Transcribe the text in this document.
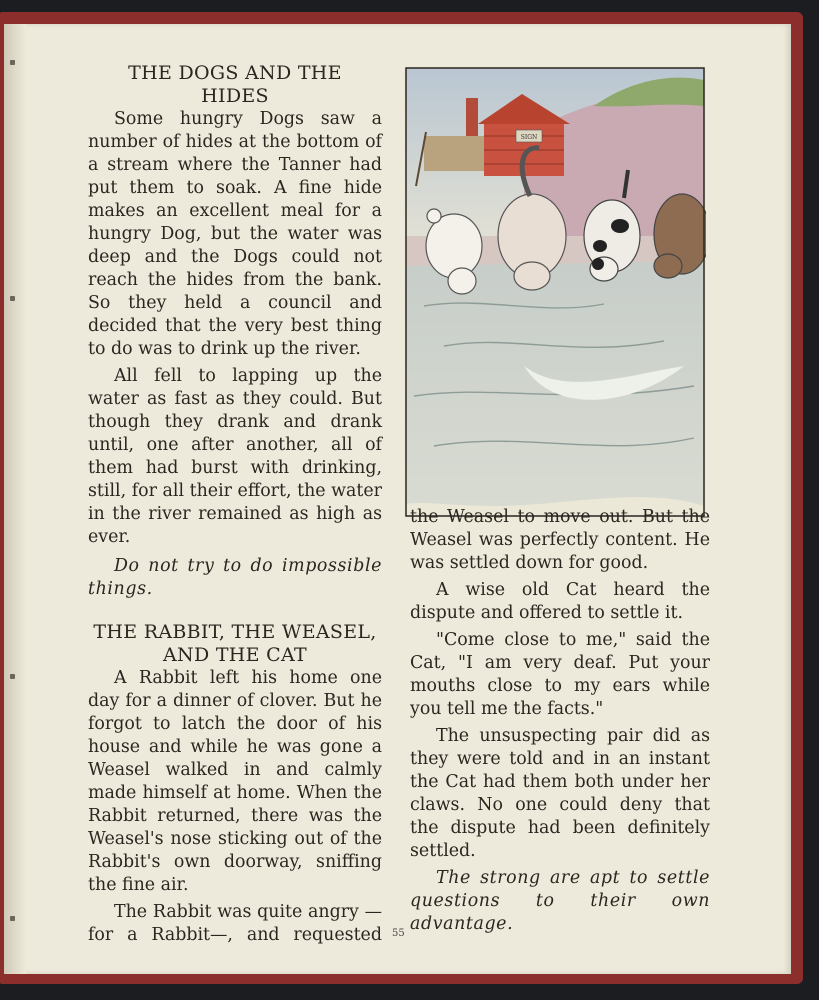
THE DOGS AND THE HIDES

Some hungry Dogs saw a number of hides at the bottom of a stream where the Tanner had put them to soak. A fine hide makes an excellent meal for a hungry Dog, but the water was deep and the Dogs could not reach the hides from the bank. So they held a council and decided that the very best thing to do was to drink up the river.

All fell to lapping up the water as fast as they could. But though they drank and drank until, one after another, all of them had burst with drinking, still, for all their effort, the water in the river remained as high as ever.

Do not try to do impossible things.

THE RABBIT, THE WEASEL, AND THE CAT

A Rabbit left his home one day for a dinner of clover. But he forgot to latch the door of his house and while he was gone a Weasel walked in and calmly made himself at home. When the Rabbit returned, there was the Weasel's nose sticking out of the Rabbit's own doorway, sniffing the fine air.

The Rabbit was quite angry —for a Rabbit—, and requested

SIGN

the Weasel to move out. But the Weasel was perfectly content. He was settled down for good.

A wise old Cat heard the dispute and offered to settle it.

"Come close to me," said the Cat, "I am very deaf. Put your mouths close to my ears while you tell me the facts."

The unsuspecting pair did as they were told and in an instant the Cat had them both under her claws. No one could deny that the dispute had been definitely settled.

The strong are apt to settle questions to their own advantage.

55
